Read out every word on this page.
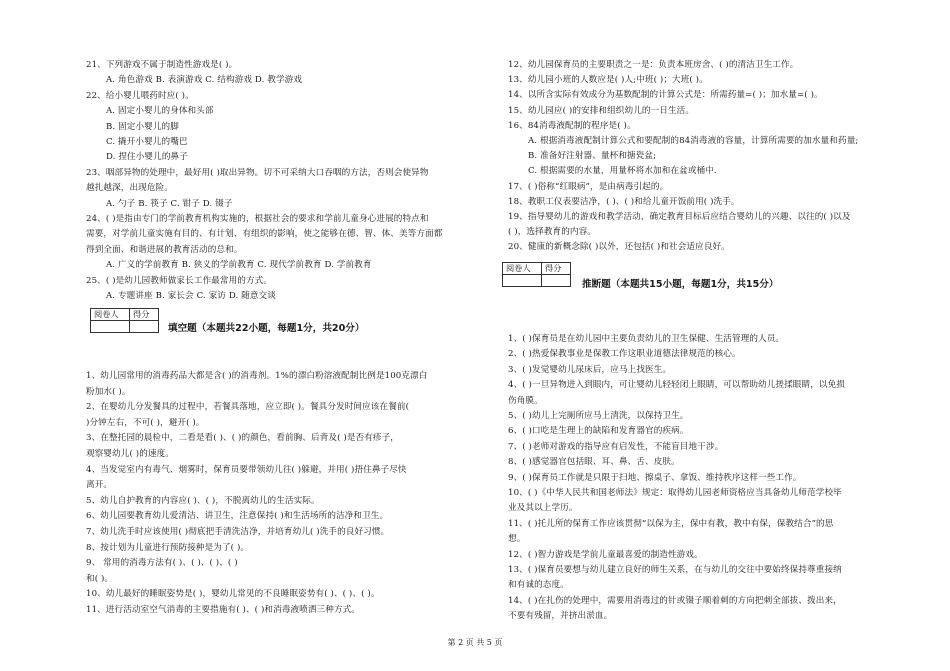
21、下列游戏不属于制造性游戏是( )。
A. 角色游戏 B. 表演游戏 C. 结构游戏 D. 教学游戏
22、给小婴儿喂药时应( )。
A. 固定小婴儿的身体和头部
B. 固定小婴儿的脚
C. 撬开小婴儿的嘴巴
D. 捏住小婴儿的鼻子
23、咽部异物的处理中，最好用( )取出异物。切不可采纳大口吞咽的方法，否则会使异物
越扎越深，出现危险。
A. 勺子 B. 筷子 C. 钳子 D. 镊子
24、( )是指由专门的学前教育机构实施的，根据社会的要求和学前儿童身心进展的特点和
需要，对学前儿童实施有目的、有计划、有组织的影响，使之能够在德、智、体、美等方面都
得到全面、和谐进展的教育活动的总和。
A. 广义的学前教育 B. 狭义的学前教育 C. 现代学前教育 D. 学前教育
25、( )是幼儿园教师做家长工作最常用的方式。
A. 专题讲座 B. 家长会 C. 家访 D. 随意交谈
阅卷人	得分

填空题（本题共22小题，每题1分，共20分）
1、幼儿园常用的消毒药品大都是含( )的消毒剂。1%的漂白粉溶液配制比例是100克漂白
粉加水( )。
2、在婴幼儿分发餐具的过程中，若餐具落地，应立即( )。餐具分发时间应该在餐前(
)分钟左右，不可( )，避开( )。
3、在整托园的晨检中，二看是看( )、( )的颜色，看前胸、后背及( )是否有疹子，
观察婴幼儿( )的速度。
4、当发觉室内有毒气、烟雾时，保育员要带领幼儿往( )躲避，并用( )捂住鼻子尽快
离开。
5、幼儿自护教育的内容应( )、( )，不脱离幼儿的生活实际。
6、幼儿园要教育幼儿爱清洁、讲卫生，注意保持( )和生活场所的洁净和卫生。
7、幼儿洗手时应该使用( )彻底把手清洗洁净，并培育幼儿( )洗手的良好习惯。
8、按计划为儿童进行预防接种是为了( )。
9、 常用的消毒方法有( )、( )、( )、( )
和( )。
10、幼儿最好的睡眠姿势是( )，婴幼儿常见的不良睡眠姿势有( )、( )、( )。
11、进行活动室空气消毒的主要措施有( )、( )和消毒液喷洒三种方式。
12、幼儿园保育员的主要职责之一是：负责本班房舍、( )的清洁卫生工作。
13、幼儿园小班的人数应是( )人;中班( )；大班( )。
14、以所含实际有效成分为基数配制的计算公式是：所需药量=( )；加水量=( )。
15、幼儿园应( )的安排和组织幼儿的一日生活。
16、84消毒液配制的程序是( )。
A. 根据消毒液配制计算公式和要配制的84消毒液的容量，计算所需要的加水量和药量;
B. 准备好注射器、量杯和搪瓷盆;
C. 根据需要的水量，用量杯将水加和在盆或桶中.
17、( )俗称“红眼病”，是由病毒引起的。
18、教职工仪表要洁净，( )、( )和给儿童开饭前用( )洗手。
19、指导婴幼儿的游戏和教学活动，确定教育目标后应结合婴幼儿的兴趣、以往的( )以及
( )，选择教育的内容。
20、健康的新概念除( )以外，还包括( )和社会适应良好。
阅卷人	得分

推断题（本题共15小题，每题1分，共15分）
1、( )保育员是在幼儿园中主要负责幼儿的卫生保健、生活管理的人员。
2、( )热爱保教事业是保教工作这职业道德法律规范的核心。
3、( )发觉婴幼儿尿床后，应马上找医生。
4、( )一旦异物进入到眼内，可让婴幼儿轻轻闭上眼睛，可以帮助幼儿搓揉眼睛，以免损
伤角膜。
5、( )幼儿上完厕所应马上清洗，以保持卫生。
6、( )口吃是生理上的缺陷和发育器官的疾病。
7、( )老师对游戏的指导应有启发性，不能盲目地干涉。
8、( )感觉器官包括眼、耳、鼻、舌、皮肤。
9、( )保育员工作就是只限于扫地、擦桌子、拿饭、维持秩序这样一些工作。
10、( )《中华人民共和国老师法》规定：取得幼儿园老师资格应当具备幼儿师范学校毕
业及其以上学历。
11、( )托儿所的保育工作应该贯彻“以保为主，保中有教，教中有保，保教结合”的思
想。
12、( )智力游戏是学前儿童最喜爱的制造性游戏。
13、( )保育员要想与幼儿建立良好的师生关系，在与幼儿的交往中要始终保持尊重接纳
和有诚的态度。
14、( )在扎伤的处理中，需要用消毒过的针或镊子顺着刺的方向把刺全部拔、拨出来，
不要有残留，并挤出淤血。
第 2 页 共 5 页
